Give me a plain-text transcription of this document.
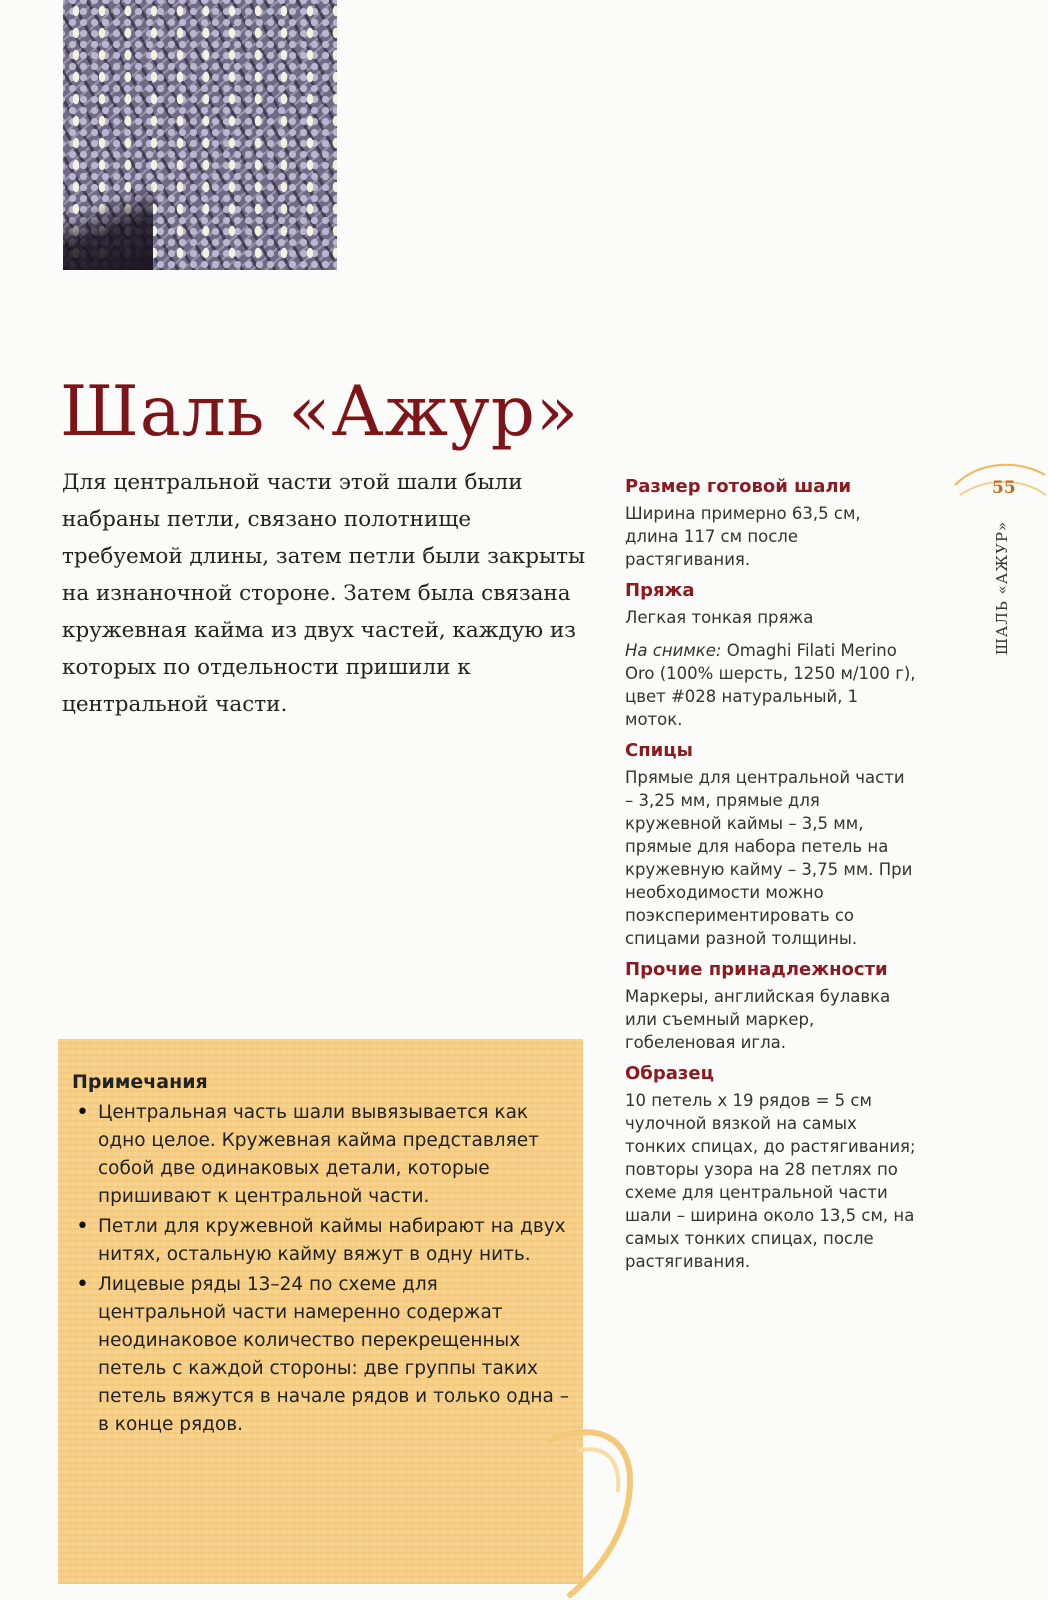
Шаль «Ажур»

Для центральной части этой шали были набраны петли, связано полотнище требуемой длины, затем петли были закрыты на изнаночной стороне. Затем была связана кружевная кайма из двух частей, каждую из которых по отдельности пришили к центральной части.

Размер готовой шали

Ширина примерно 63,5 см, длина 117 см после растягивания.

Пряжа

Легкая тонкая пряжа

На снимке: Omaghi Filati Merino Oro (100% шерсть, 1250 м/100 г), цвет #028 натуральный, 1 моток.

Спицы

Прямые для центральной части – 3,25 мм, прямые для кружевной каймы – 3,5 мм, прямые для набора петель на кружевную кайму – 3,75 мм. При необходимости можно поэкспериментировать со спицами разной толщины.

Прочие принадлежности

Маркеры, английская булавка или съемный маркер, гобеленовая игла.

Образец

10 петель x 19 рядов = 5 см чулочной вязкой на самых тонких спицах, до растягивания; повторы узора на 28 петлях по схеме для центральной части шали – ширина около 13,5 см, на самых тонких спицах, после растягивания.

55
ШАЛЬ «АЖУР»
Примечания
• Центральная часть шали вывязывается как одно целое. Кружевная кайма представляет собой две одинаковых детали, которые пришивают к центральной части.
• Петли для кружевной каймы набирают на двух нитях, остальную кайму вяжут в одну нить.
• Лицевые ряды 13–24 по схеме для центральной части намеренно содержат неодинаковое количество перекрещенных петель с каждой стороны: две группы таких петель вяжутся в начале рядов и только одна – в конце рядов.
